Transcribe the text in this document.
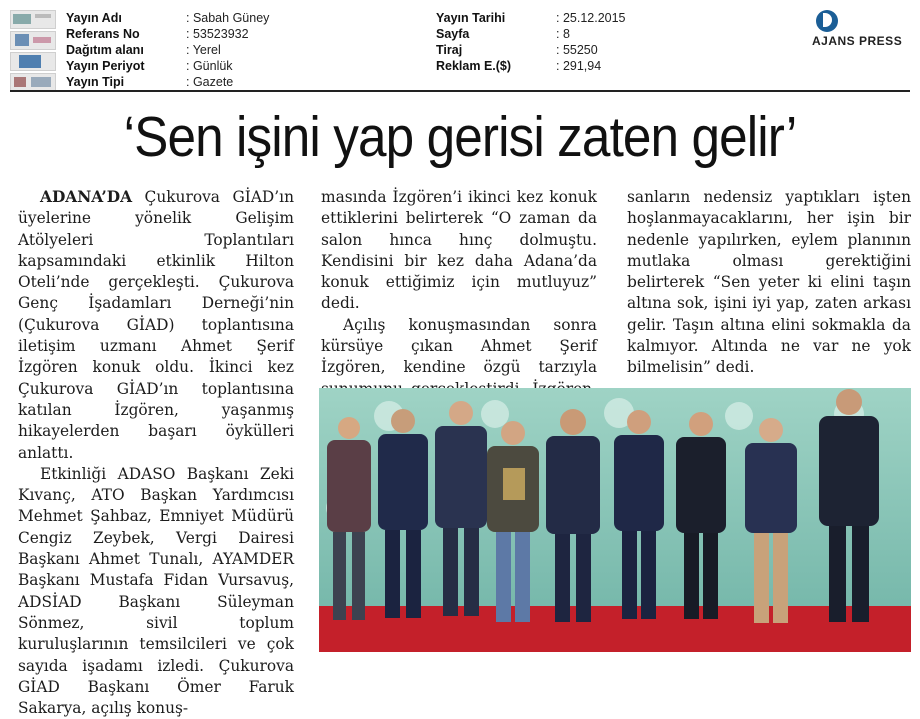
Yayın Adı	: Sabah Güney
Referans No	: 53523932
Dağıtım alanı	: Yerel
Yayın Periyot	: Günlük
Yayın Tipi	: Gazete
Yayın Tarihi	: 25.12.2015
Sayfa	: 8
Tiraj	: 55250
Reklam E.($)	: 291,94
AJANS PRESS
‘Sen işini yap gerisi zaten gelir’

ADANA’DA Çukurova GİAD’ın üyelerine yönelik Gelişim Atölyeleri Toplantıları kapsamındaki etkinlik Hilton Oteli’nde gerçekleşti. Çukurova Genç İşadamları Derneği’nin (Çukurova GİAD) toplantısına iletişim uzmanı Ahmet Şerif İzgören konuk oldu. İkinci kez Çukurova GİAD’ın toplantısına katılan İzgören, yaşanmış hikayelerden başarı öykülleri anlattı.

Etkinliği ADASO Başkanı Zeki Kıvanç, ATO Başkan Yardımcısı Mehmet Şahbaz, Emniyet Müdürü Cengiz Zeybek, Vergi Dairesi Başkanı Ahmet Tunalı, AYAMDER Başkanı Mustafa Fidan Vursavuş, ADSİAD Başkanı Süleyman Sönmez, sivil toplum kuruluşlarının temsilcileri ve çok sayıda işadamı izledi. Çukurova GİAD Başkanı Ömer Faruk Sakarya, açılış konuş-

masında İzgören’i ikinci kez konuk ettiklerini belirterek “O zaman da salon hınca hınç dolmuştu. Kendisini bir kez daha Adana’da konuk ettiğimiz için mutluyuz” dedi.

Açılış konuşmasından sonra kürsüye çıkan Ahmet Şerif İzgören, kendine özgü tarzıyla

sanların nedensiz yaptıkları işten hoşlanmayacaklarını, her işin bir nedenle yapılırken, eylem planının mutlaka olması gerektiğini belirterek “Sen yeter ki elini taşın altına sok, işini iyi yap, zaten arkası gelir. Taşın altına elini sokmakla da kalmıyor. Altında ne var ne yok bilmelisin” dedi.
